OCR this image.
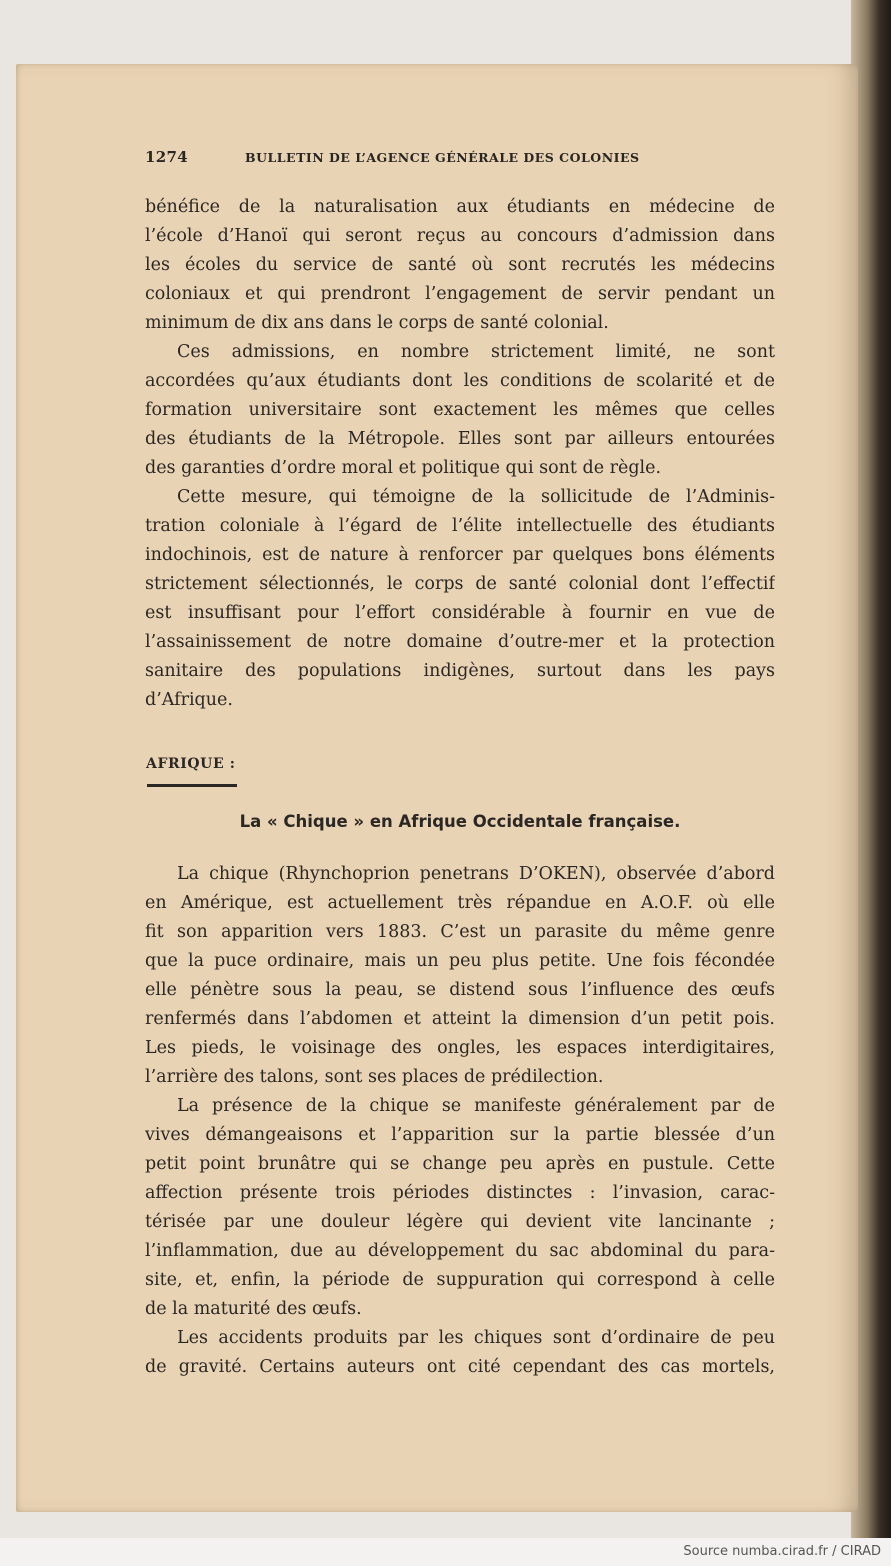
1274	BULLETIN DE L’AGENCE GÉNÉRALE DES COLONIES
bénéfice de la naturalisation aux étudiants en médecine de
l’école d’Hanoï qui seront reçus au concours d’admission dans
les écoles du service de santé où sont recrutés les médecins
coloniaux et qui prendront l’engagement de servir pendant un
minimum de dix ans dans le corps de santé colonial.
Ces admissions, en nombre strictement limité, ne sont
accordées qu’aux étudiants dont les conditions de scolarité et de
formation universitaire sont exactement les mêmes que celles
des étudiants de la Métropole. Elles sont par ailleurs entourées
des garanties d’ordre moral et politique qui sont de règle.
Cette mesure, qui témoigne de la sollicitude de l’Adminis-
tration coloniale à l’égard de l’élite intellectuelle des étudiants
indochinois, est de nature à renforcer par quelques bons éléments
strictement sélectionnés, le corps de santé colonial dont l’effectif
est insuffisant pour l’effort considérable à fournir en vue de
l’assainissement de notre domaine d’outre-mer et la protection
sanitaire des populations indigènes, surtout dans les pays
d’Afrique.
AFRIQUE :
La « Chique » en Afrique Occidentale française.
La chique (Rhynchoprion penetrans D’OKEN), observée d’abord
en Amérique, est actuellement très répandue en A.O.F. où elle
fit son apparition vers 1883. C’est un parasite du même genre
que la puce ordinaire, mais un peu plus petite. Une fois fécondée
elle pénètre sous la peau, se distend sous l’influence des œufs
renfermés dans l’abdomen et atteint la dimension d’un petit pois.
Les pieds, le voisinage des ongles, les espaces interdigitaires,
l’arrière des talons, sont ses places de prédilection.
La présence de la chique se manifeste généralement par de
vives démangeaisons et l’apparition sur la partie blessée d’un
petit point brunâtre qui se change peu après en pustule. Cette
affection présente trois périodes distinctes : l’invasion, carac-
térisée par une douleur légère qui devient vite lancinante ;
l’inflammation, due au développement du sac abdominal du para-
site, et, enfin, la période de suppuration qui correspond à celle
de la maturité des œufs.
Les accidents produits par les chiques sont d’ordinaire de peu
de gravité. Certains auteurs ont cité cependant des cas mortels,
Source numba.cirad.fr / CIRAD
